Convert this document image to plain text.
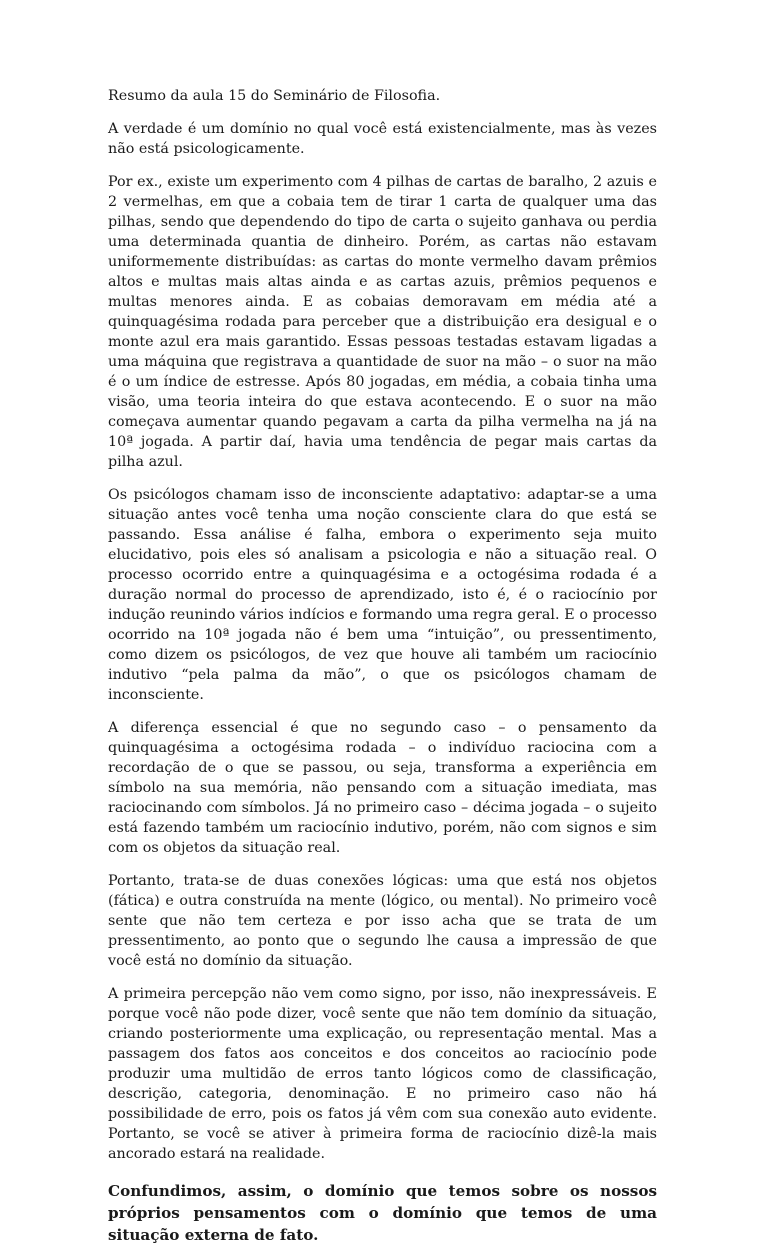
Resumo da aula 15 do Seminário de Filosofia.

A verdade é um domínio no qual você está existencialmente, mas às vezes não está psicologicamente.

Por ex., existe um experimento com 4 pilhas de cartas de baralho, 2 azuis e 2 vermelhas, em que a cobaia tem de tirar 1 carta de qualquer uma das pilhas, sendo que dependendo do tipo de carta o sujeito ganhava ou perdia uma determinada quantia de dinheiro. Porém, as cartas não estavam uniformemente distribuídas: as cartas do monte vermelho davam prêmios altos e multas mais altas ainda e as cartas azuis, prêmios pequenos e multas menores ainda. E as cobaias demoravam em média até a quinquagésima rodada para perceber que a distribuição era desigual e o monte azul era mais garantido. Essas pessoas testadas estavam ligadas a uma máquina que registrava a quantidade de suor na mão – o suor na mão é o um índice de estresse. Após 80 jogadas, em média, a cobaia tinha uma visão, uma teoria inteira do que estava acontecendo. E o suor na mão começava aumentar quando pegavam a carta da pilha vermelha na já na 10ª jogada. A partir daí, havia uma tendência de pegar mais cartas da pilha azul.

Os psicólogos chamam isso de inconsciente adaptativo: adaptar-se a uma situação antes você tenha uma noção consciente clara do que está se passando. Essa análise é falha, embora o experimento seja muito elucidativo, pois eles só analisam a psicologia e não a situação real. O processo ocorrido entre a quinquagésima e a octogésima rodada é a duração normal do processo de aprendizado, isto é, é o raciocínio por indução reunindo vários indícios e formando uma regra geral. E o processo ocorrido na 10ª jogada não é bem uma “intuição”, ou pressentimento, como dizem os psicólogos, de vez que houve ali também um raciocínio indutivo “pela palma da mão”, o que os psicólogos chamam de inconsciente.

A diferença essencial é que no segundo caso – o pensamento da quinquagésima a octogésima rodada – o indivíduo raciocina com a recordação de o que se passou, ou seja, transforma a experiência em símbolo na sua memória, não pensando com a situação imediata, mas raciocinando com símbolos. Já no primeiro caso – décima jogada – o sujeito está fazendo também um raciocínio indutivo, porém, não com signos e sim com os objetos da situação real.

Portanto, trata-se de duas conexões lógicas: uma que está nos objetos (fática) e outra construída na mente (lógico, ou mental). No primeiro você sente que não tem certeza e por isso acha que se trata de um pressentimento, ao ponto que o segundo lhe causa a impressão de que você está no domínio da situação.

A primeira percepção não vem como signo, por isso, não inexpressáveis. E porque você não pode dizer, você sente que não tem domínio da situação, criando posteriormente uma explicação, ou representação mental. Mas a passagem dos fatos aos conceitos e dos conceitos ao raciocínio pode produzir uma multidão de erros tanto lógicos como de classificação, descrição, categoria, denominação. E no primeiro caso não há possibilidade de erro, pois os fatos já vêm com sua conexão auto evidente. Portanto, se você se ativer à primeira forma de raciocínio dizê-la mais ancorado estará na realidade.

Confundimos, assim, o domínio que temos sobre os nossos próprios pensamentos com o domínio que temos de uma situação externa de fato.
